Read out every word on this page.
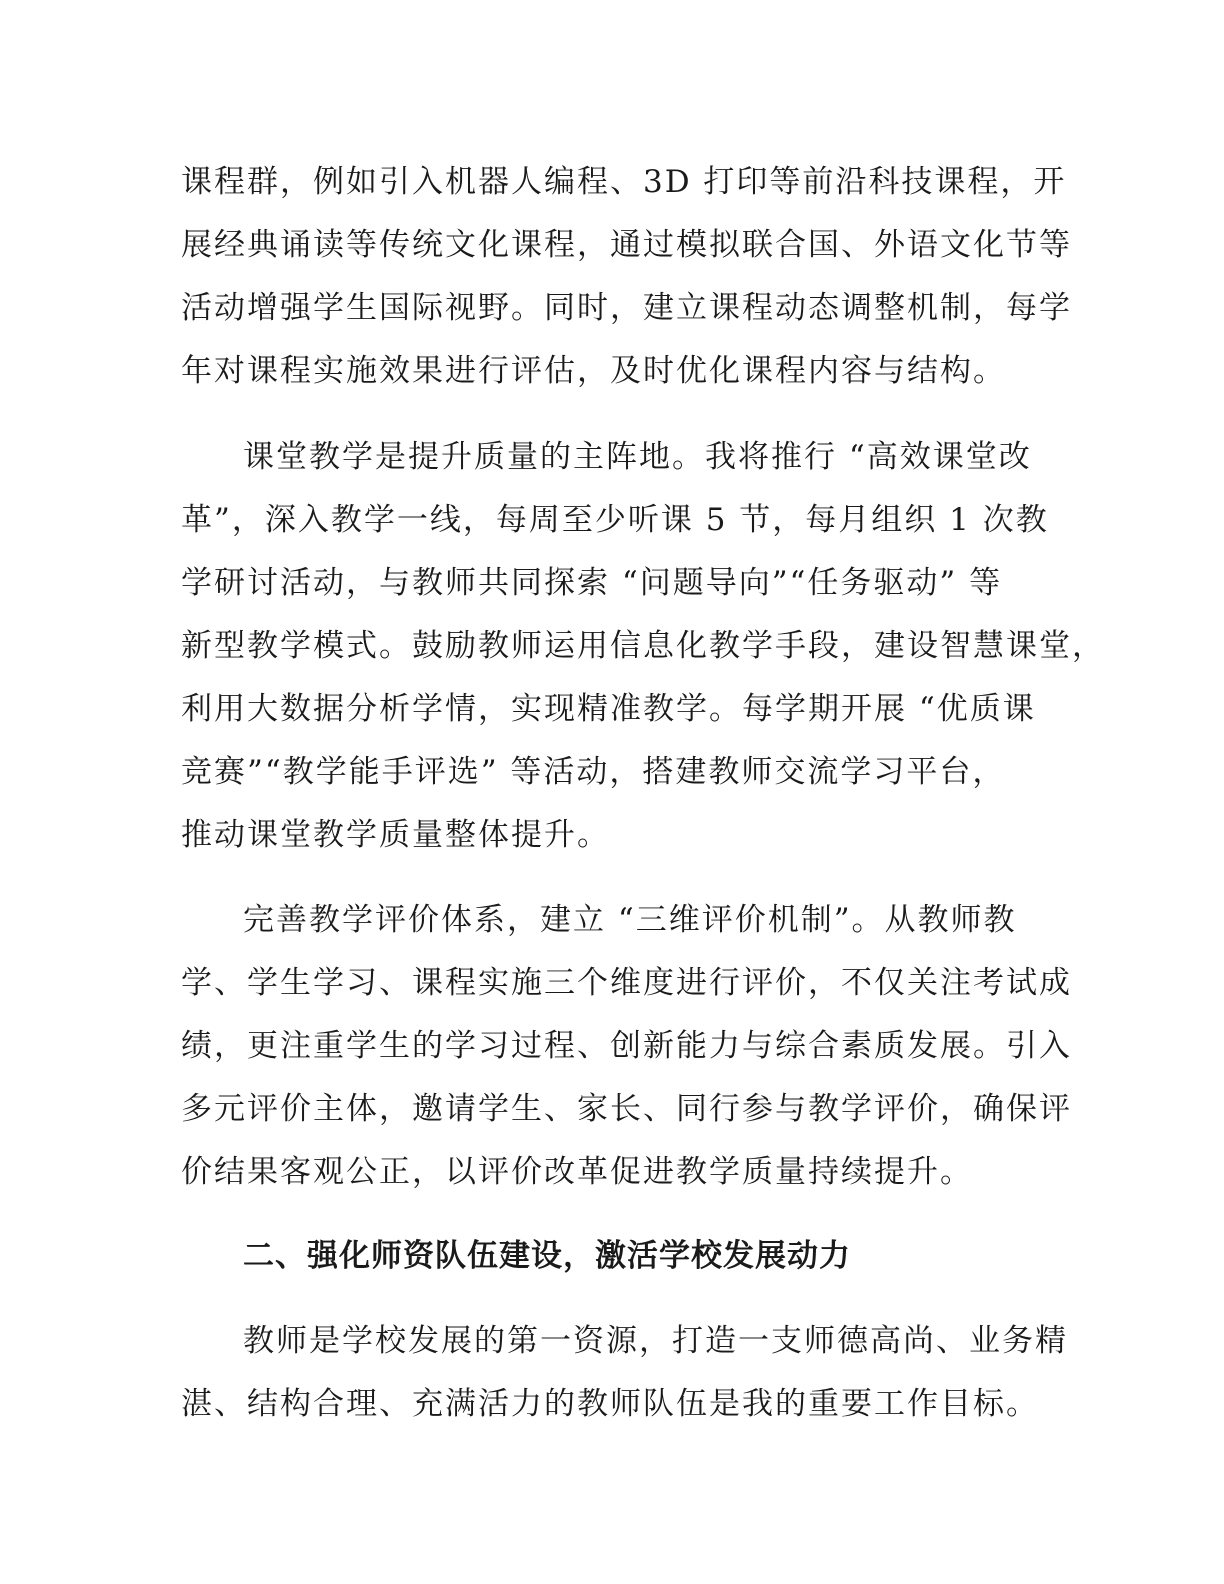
课程群，例如引入机器人编程、3D 打印等前沿科技课程，开
展经典诵读等传统文化课程，通过模拟联合国、外语文化节等
活动增强学生国际视野。同时，建立课程动态调整机制，每学
年对课程实施效果进行评估，及时优化课程内容与结构。
课堂教学是提升质量的主阵地。我将推行 “高效课堂改
革”，深入教学一线，每周至少听课 5 节，每月组织 1 次教
学研讨活动，与教师共同探索 “问题导向”“任务驱动” 等
新型教学模式。鼓励教师运用信息化教学手段，建设智慧课堂，
利用大数据分析学情，实现精准教学。每学期开展 “优质课
竞赛”“教学能手评选” 等活动，搭建教师交流学习平台，
推动课堂教学质量整体提升。
完善教学评价体系，建立 “三维评价机制”。从教师教
学、学生学习、课程实施三个维度进行评价，不仅关注考试成
绩，更注重学生的学习过程、创新能力与综合素质发展。引入
多元评价主体，邀请学生、家长、同行参与教学评价，确保评
价结果客观公正，以评价改革促进教学质量持续提升。
二、强化师资队伍建设，激活学校发展动力
教师是学校发展的第一资源，打造一支师德高尚、业务精
湛、结构合理、充满活力的教师队伍是我的重要工作目标。
